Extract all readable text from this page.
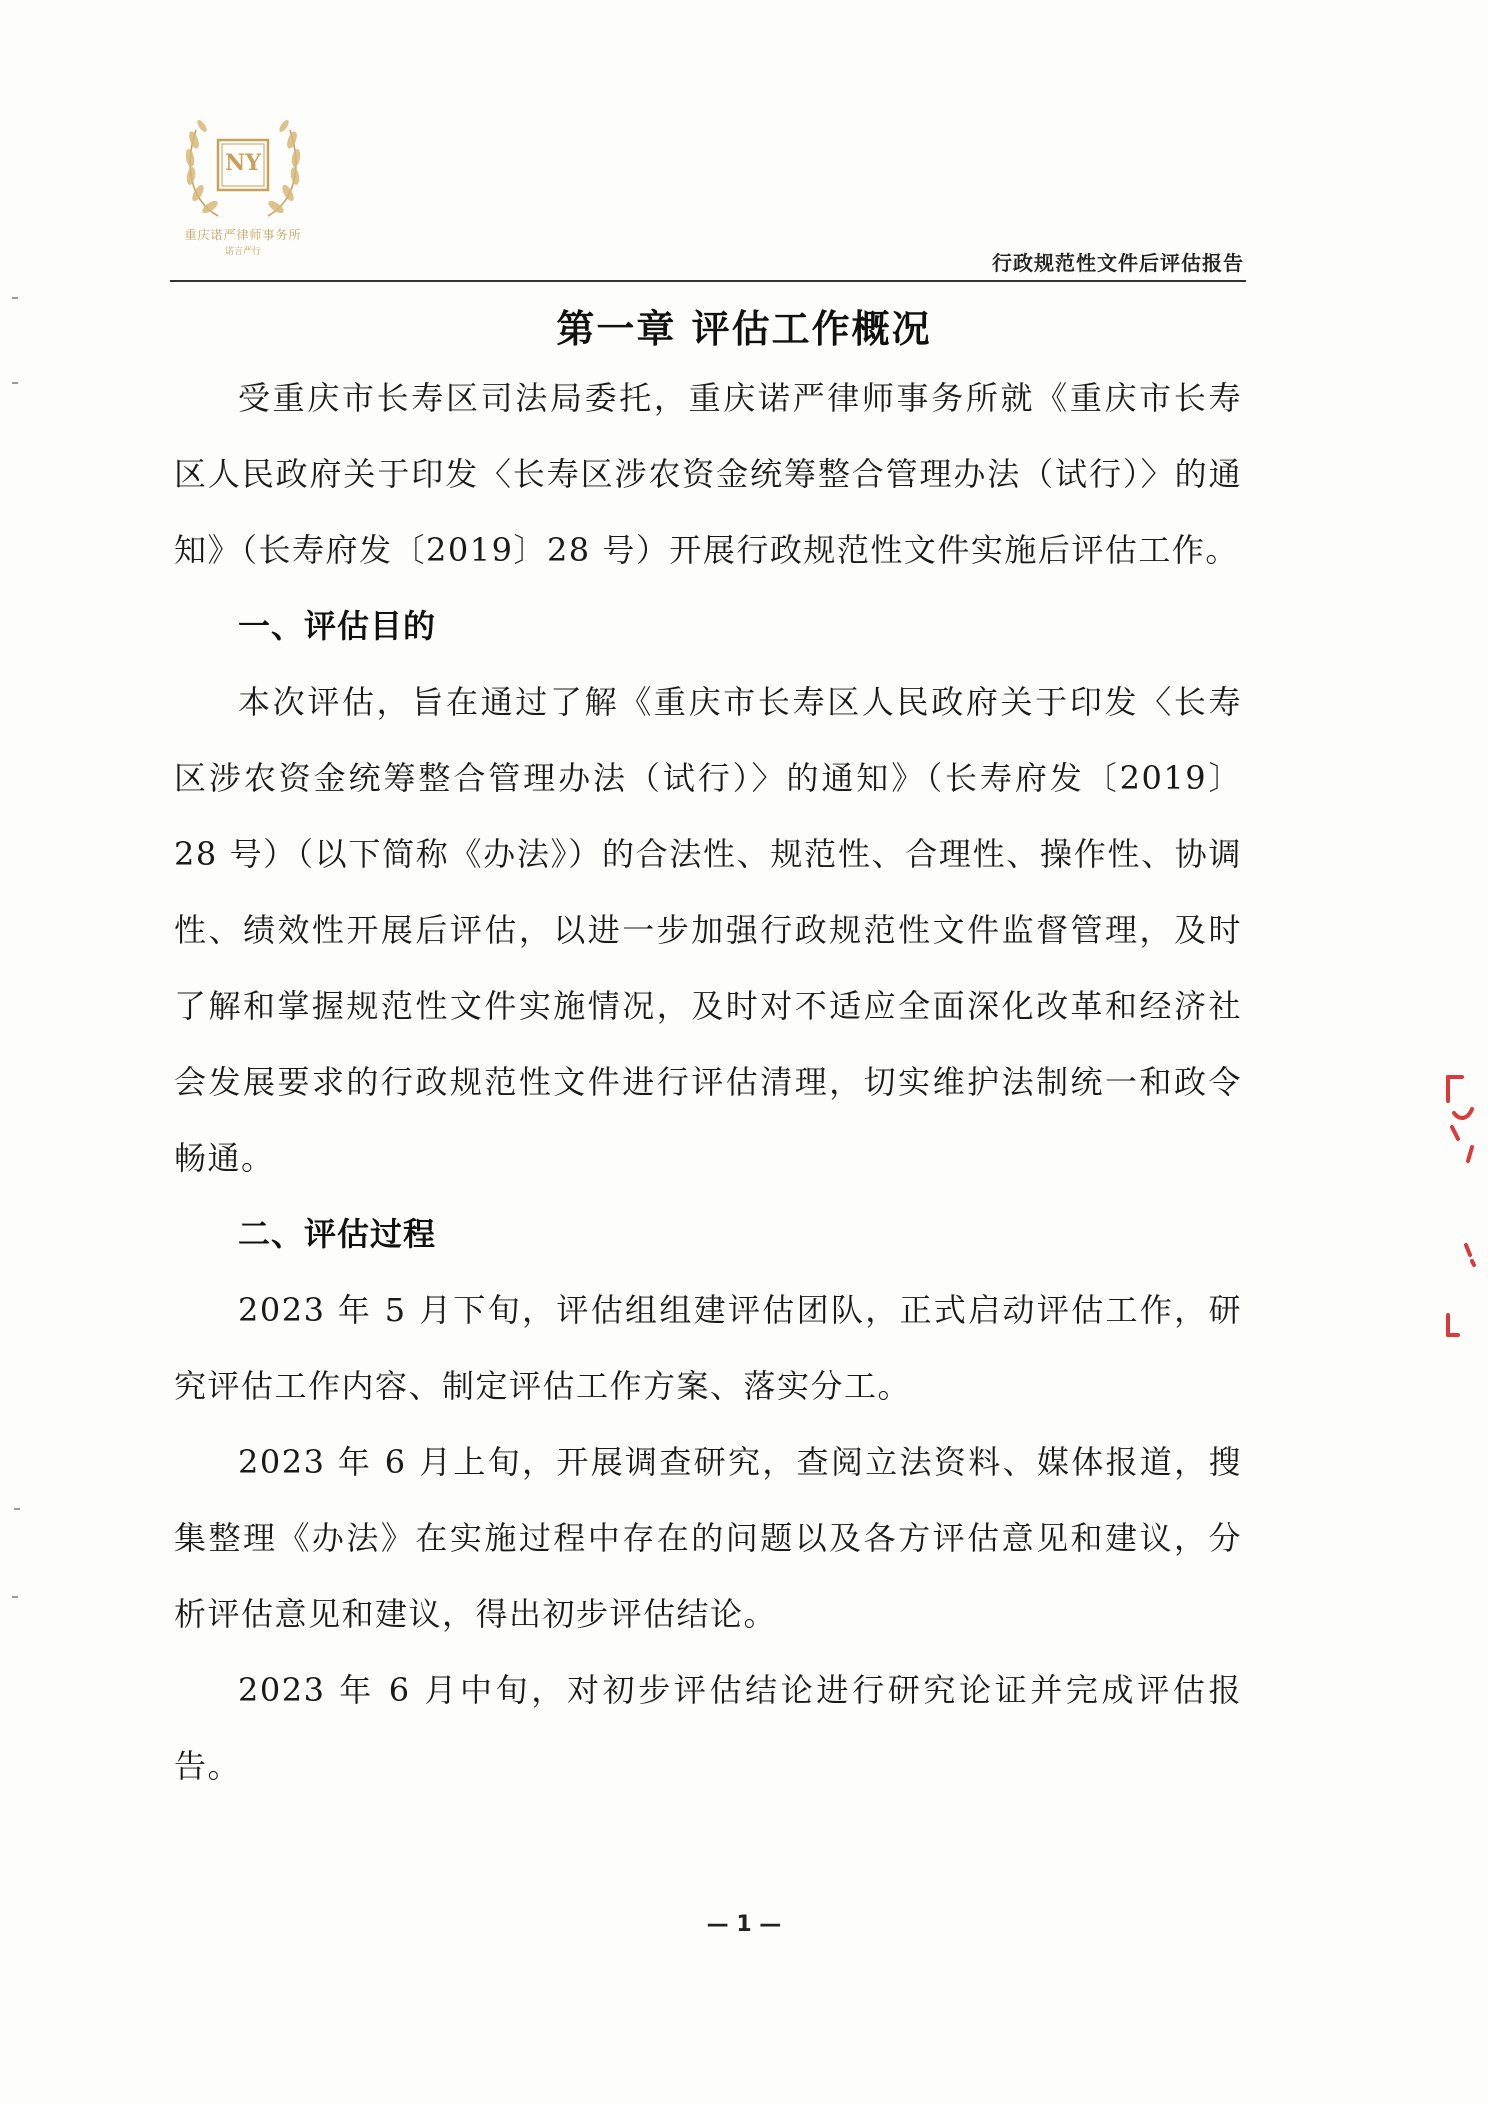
NY
重庆诺严律师事务所
诺言严行	行政规范性文件后评估报告
第一章 评估工作概况

受重庆市长寿区司法局委托，重庆诺严律师事务所就《重庆市长寿区人民政府关于印发〈长寿区涉农资金统筹整合管理办法（试行）〉的通知》（长寿府发〔2019〕28 号）开展行政规范性文件实施后评估工作。

一、评估目的

本次评估，旨在通过了解《重庆市长寿区人民政府关于印发〈长寿区涉农资金统筹整合管理办法（试行）〉的通知》（长寿府发〔2019〕28 号）（以下简称《办法》）的合法性、规范性、合理性、操作性、协调性、绩效性开展后评估，以进一步加强行政规范性文件监督管理，及时了解和掌握规范性文件实施情况，及时对不适应全面深化改革和经济社会发展要求的行政规范性文件进行评估清理，切实维护法制统一和政令畅通。

二、评估过程

2023 年 5 月下旬，评估组组建评估团队，正式启动评估工作，研究评估工作内容、制定评估工作方案、落实分工。

2023 年 6 月上旬，开展调查研究，查阅立法资料、媒体报道，搜集整理《办法》在实施过程中存在的问题以及各方评估意见和建议，分析评估意见和建议，得出初步评估结论。

2023 年 6 月中旬，对初步评估结论进行研究论证并完成评估报告。

— 1 —
